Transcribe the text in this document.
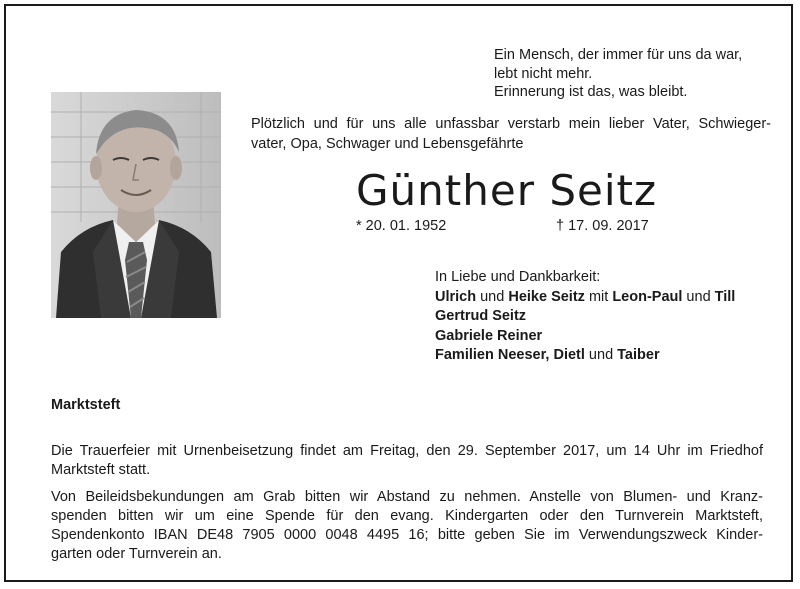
Ein Mensch, der immer für uns da war,
lebt nicht mehr.
Erinnerung ist das, was bleibt.
Plötzlich und für uns alle unfassbar verstarb mein lieber Vater, Schwieger-
vater, Opa, Schwager und Lebensgefährte
Günther Seitz
* 20. 01. 1952	† 17. 09. 2017
In Liebe und Dankbarkeit:
Ulrich und Heike Seitz mit Leon-Paul und Till
Gertrud Seitz
Gabriele Reiner
Familien Neeser, Dietl und Taiber
Marktsteft
Die Trauerfeier mit Urnenbeisetzung findet am Freitag, den 29. September 2017, um 14 Uhr im Friedhof
Marktsteft statt.
Von Beileidsbekundungen am Grab bitten wir Abstand zu nehmen. Anstelle von Blumen- und Kranz-
spenden bitten wir um eine Spende für den evang. Kindergarten oder den Turnverein Marktsteft,
Spendenkonto IBAN DE48 7905 0000 0048 4495 16; bitte geben Sie im Verwendungszweck Kinder-
garten oder Turnverein an.
